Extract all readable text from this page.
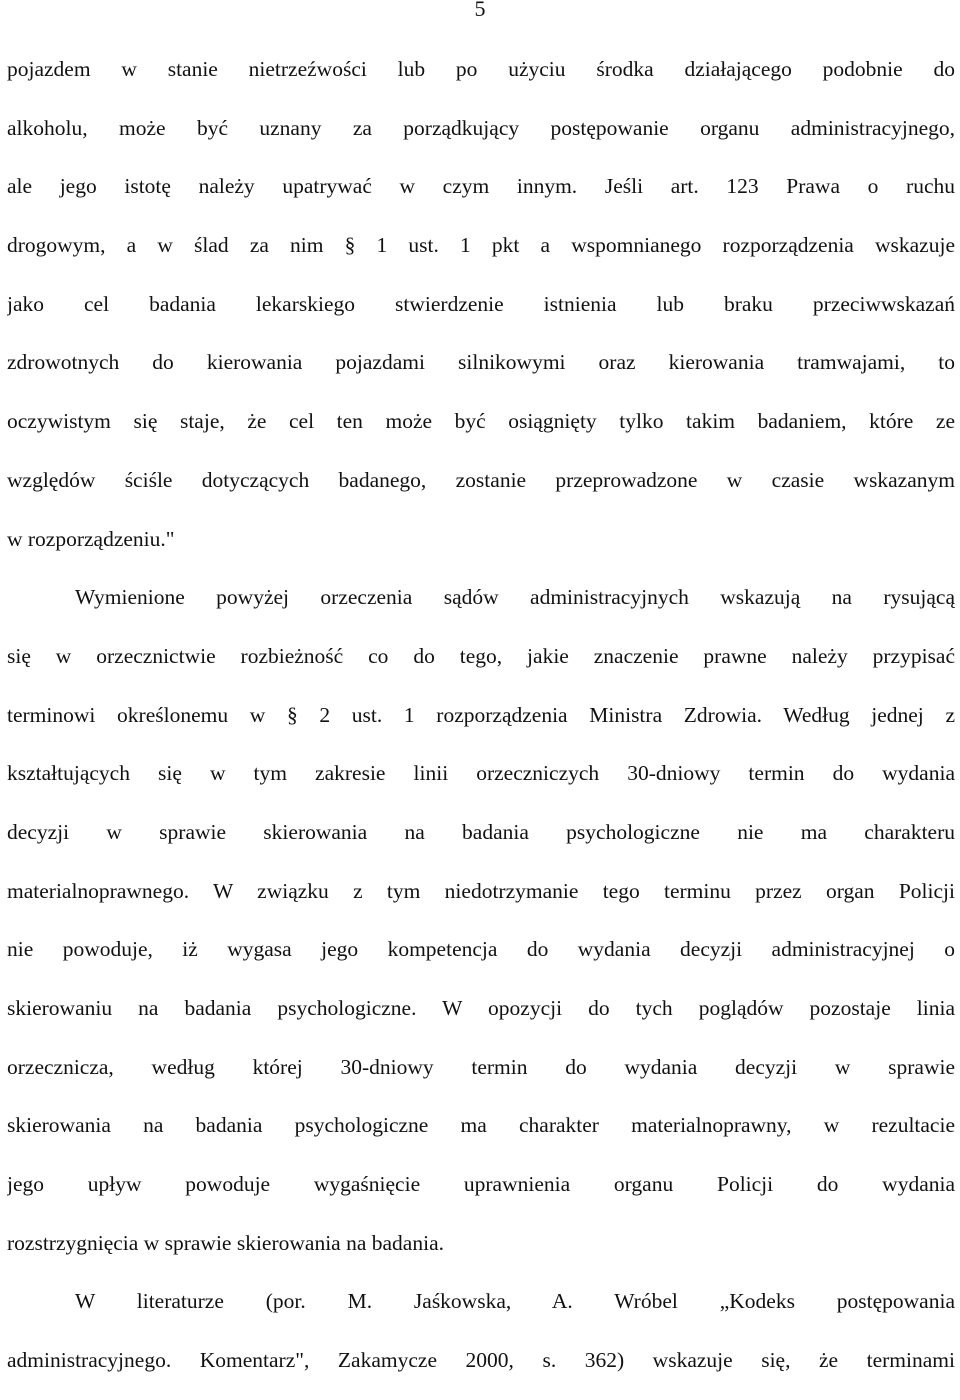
5
pojazdem w stanie nietrzeźwości lub po użyciu środka działającego podobnie do
alkoholu, może być uznany za porządkujący postępowanie organu administracyjnego,
ale jego istotę należy upatrywać w czym innym. Jeśli art. 123 Prawa o ruchu
drogowym, a w ślad za nim § 1 ust. 1 pkt a wspomnianego rozporządzenia wskazuje
jako cel badania lekarskiego stwierdzenie istnienia lub braku przeciwwskazań
zdrowotnych do kierowania pojazdami silnikowymi oraz kierowania tramwajami, to
oczywistym się staje, że cel ten może być osiągnięty tylko takim badaniem, które ze
względów ściśle dotyczących badanego, zostanie przeprowadzone w czasie wskazanym
w rozporządzeniu."
Wymienione powyżej orzeczenia sądów administracyjnych wskazują na rysującą
się w orzecznictwie rozbieżność co do tego, jakie znaczenie prawne należy przypisać
terminowi określonemu w § 2 ust. 1 rozporządzenia Ministra Zdrowia. Według jednej z
kształtujących się w tym zakresie linii orzeczniczych 30-dniowy termin do wydania
decyzji w sprawie skierowania na badania psychologiczne nie ma charakteru
materialnoprawnego. W związku z tym niedotrzymanie tego terminu przez organ Policji
nie powoduje, iż wygasa jego kompetencja do wydania decyzji administracyjnej o
skierowaniu na badania psychologiczne. W opozycji do tych poglądów pozostaje linia
orzecznicza, według której 30-dniowy termin do wydania decyzji w sprawie
skierowania na badania psychologiczne ma charakter materialnoprawny, w rezultacie
jego upływ powoduje wygaśnięcie uprawnienia organu Policji do wydania
rozstrzygnięcia w sprawie skierowania na badania.
W literaturze (por. M. Jaśkowska, A. Wróbel „Kodeks postępowania
administracyjnego. Komentarz", Zakamycze 2000, s. 362) wskazuje się, że terminami
